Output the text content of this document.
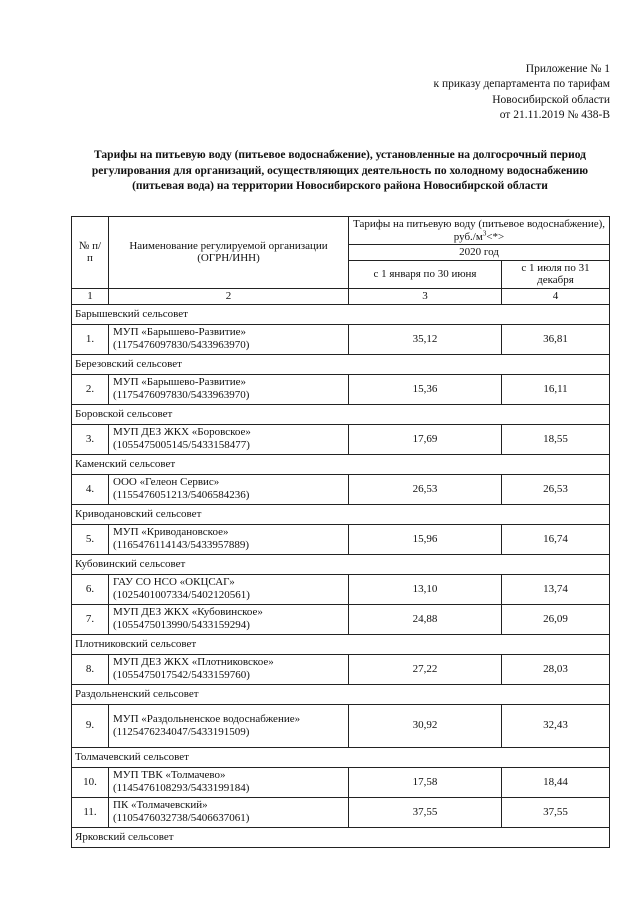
Приложение № 1
к приказу департамента по тарифам
Новосибирской области
от 21.11.2019 № 438-В
Тарифы на питьевую воду (питьевое водоснабжение), установленные на долгосрочный период регулирования для организаций, осуществляющих деятельность по холодному водоснабжению (питьевая вода) на территории Новосибирского района Новосибирской области
№ п/п	Наименование регулируемой организации (ОГРН/ИНН)	Тарифы на питьевую воду (питьевое водоснабжение), $руб./м^3<*>$	
		2020 год	
		с 1 января по 30 июня	с 1 июля по 31 декабря
1	2	3	4
Барышевский сельсовет			
1.	МУП «Барышево-Развитие» (1175476097830/5433963970)	35,12	36,81
Березовский сельсовет			
2.	МУП «Барышево-Развитие» (1175476097830/5433963970)	15,36	16,11
Боровской сельсовет			
3.	МУП ДЕЗ ЖКХ «Боровское» (1055475005145/5433158477)	17,69	18,55
Каменский сельсовет			
4.	ООО «Гелеон Сервис» (1155476051213/5406584236)	26,53	26,53
Криводановский сельсовет			
5.	МУП «Криводановское» (1165476114143/5433957889)	15,96	16,74
Кубовинский сельсовет			
6.	ГАУ СО НСО «ОКЦСАГ» (1025401007334/5402120561)	13,10	13,74
7.	МУП ДЕЗ ЖКХ «Кубовинское» (1055475013990/5433159294)	24,88	26,09
Плотниковский сельсовет			
8.	МУП ДЕЗ ЖКХ «Плотниковское» (1055475017542/5433159760)	27,22	28,03
Раздольненский сельсовет			
9.	МУП «Раздольненское водоснабжение» (1125476234047/5433191509)	30,92	32,43
Толмачевский сельсовет			
10.	МУП ТВК «Толмачево» (1145476108293/5433199184)	17,58	18,44
11.	ПК «Толмачевский» (1105476032738/5406637061)	37,55	37,55
Ярковский сельсовет			
